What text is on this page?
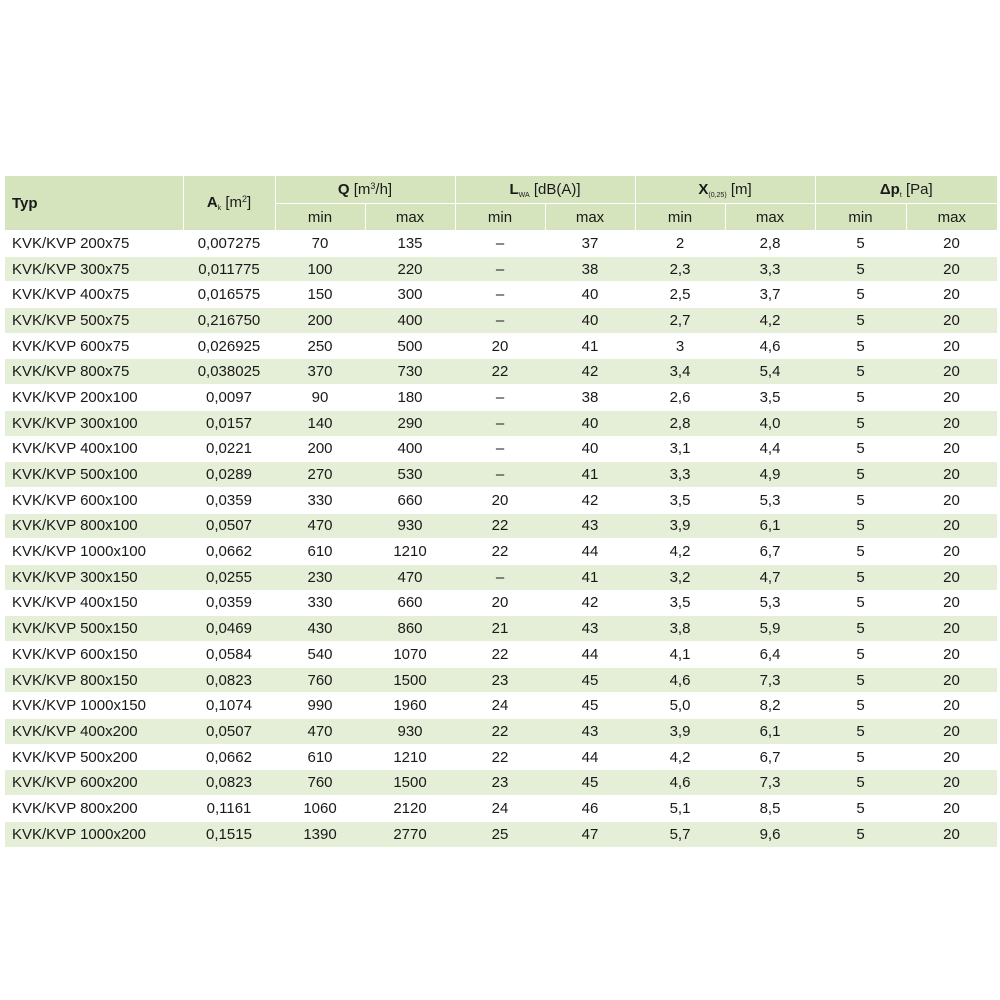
Typ	$A_k$ $[m^2]$	Q $[m^3/h]$		$L_{WA}$ [dB(A)]		$X_{(0,25)}$ [m]		$\Delta p_t$ [Pa]	
		min	max	min	max	min	max	min	max
KVK/KVP 200x75	0,007275	70	135	–	37	2	2,8	5	20
KVK/KVP 300x75	0,011775	100	220	–	38	2,3	3,3	5	20
KVK/KVP 400x75	0,016575	150	300	–	40	2,5	3,7	5	20
KVK/KVP 500x75	0,216750	200	400	–	40	2,7	4,2	5	20
KVK/KVP 600x75	0,026925	250	500	20	41	3	4,6	5	20
KVK/KVP 800x75	0,038025	370	730	22	42	3,4	5,4	5	20
KVK/KVP 200x100	0,0097	90	180	–	38	2,6	3,5	5	20
KVK/KVP 300x100	0,0157	140	290	–	40	2,8	4,0	5	20
KVK/KVP 400x100	0,0221	200	400	–	40	3,1	4,4	5	20
KVK/KVP 500x100	0,0289	270	530	–	41	3,3	4,9	5	20
KVK/KVP 600x100	0,0359	330	660	20	42	3,5	5,3	5	20
KVK/KVP 800x100	0,0507	470	930	22	43	3,9	6,1	5	20
KVK/KVP 1000x100	0,0662	610	1210	22	44	4,2	6,7	5	20
KVK/KVP 300x150	0,0255	230	470	–	41	3,2	4,7	5	20
KVK/KVP 400x150	0,0359	330	660	20	42	3,5	5,3	5	20
KVK/KVP 500x150	0,0469	430	860	21	43	3,8	5,9	5	20
KVK/KVP 600x150	0,0584	540	1070	22	44	4,1	6,4	5	20
KVK/KVP 800x150	0,0823	760	1500	23	45	4,6	7,3	5	20
KVK/KVP 1000x150	0,1074	990	1960	24	45	5,0	8,2	5	20
KVK/KVP 400x200	0,0507	470	930	22	43	3,9	6,1	5	20
KVK/KVP 500x200	0,0662	610	1210	22	44	4,2	6,7	5	20
KVK/KVP 600x200	0,0823	760	1500	23	45	4,6	7,3	5	20
KVK/KVP 800x200	0,1161	1060	2120	24	46	5,1	8,5	5	20
KVK/KVP 1000x200	0,1515	1390	2770	25	47	5,7	9,6	5	20
